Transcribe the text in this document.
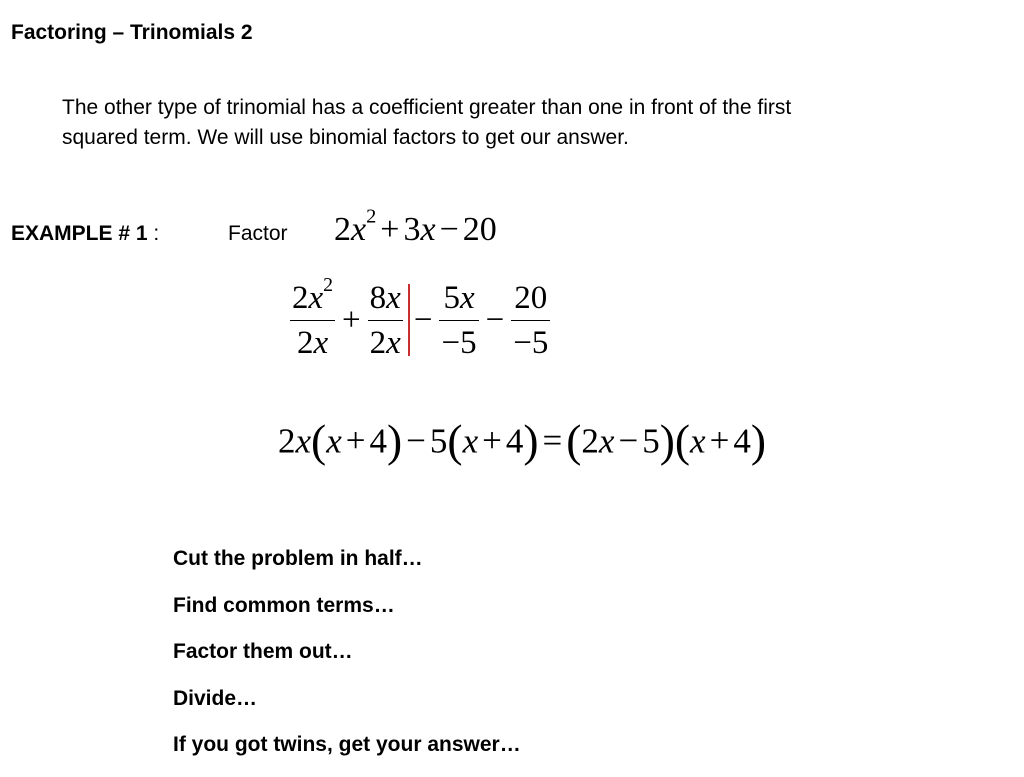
Factoring – Trinomials 2
The other type of trinomial has a coefficient greater than one in front of the first
squared term. We will use binomial factors to get our answer.
EXAMPLE # 1 :	Factor $2x^2 + 3x - 20$
$\frac{2x^2}{2x} + \frac{8x}{2x} - \frac{5x}{-5} - \frac{20}{-5}$
2x(x + 4) − 5(x + 4) =(2x − 5)(x + 4)
Cut the problem in half…
Find common terms…
Factor them out…
Divide…
If you got twins, get your answer…
